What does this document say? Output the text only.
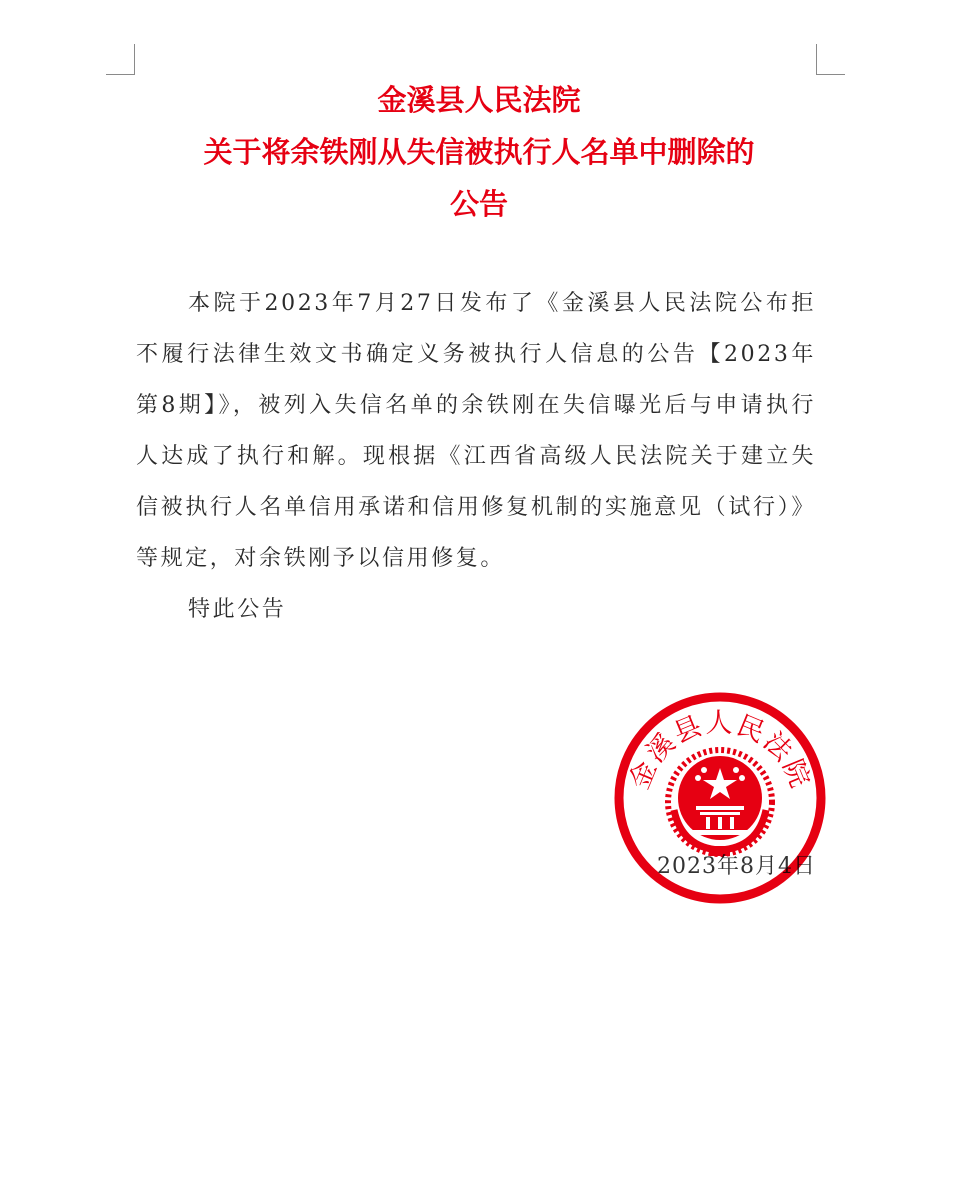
金溪县人民法院
关于将余铁刚从失信被执行人名单中删除的
公告

本院于2023年7月27日发布了《金溪县人民法院公布拒不履行法律生效文书确定义务被执行人信息的公告【2023年第8期】》，被列入失信名单的余铁刚在失信曝光后与申请执行人达成了执行和解。现根据《江西省高级人民法院关于建立失信被执行人名单信用承诺和信用修复机制的实施意见（试行）》等规定，对余铁刚予以信用修复。

特此公告

金溪县人民法院
2023年8月4日
